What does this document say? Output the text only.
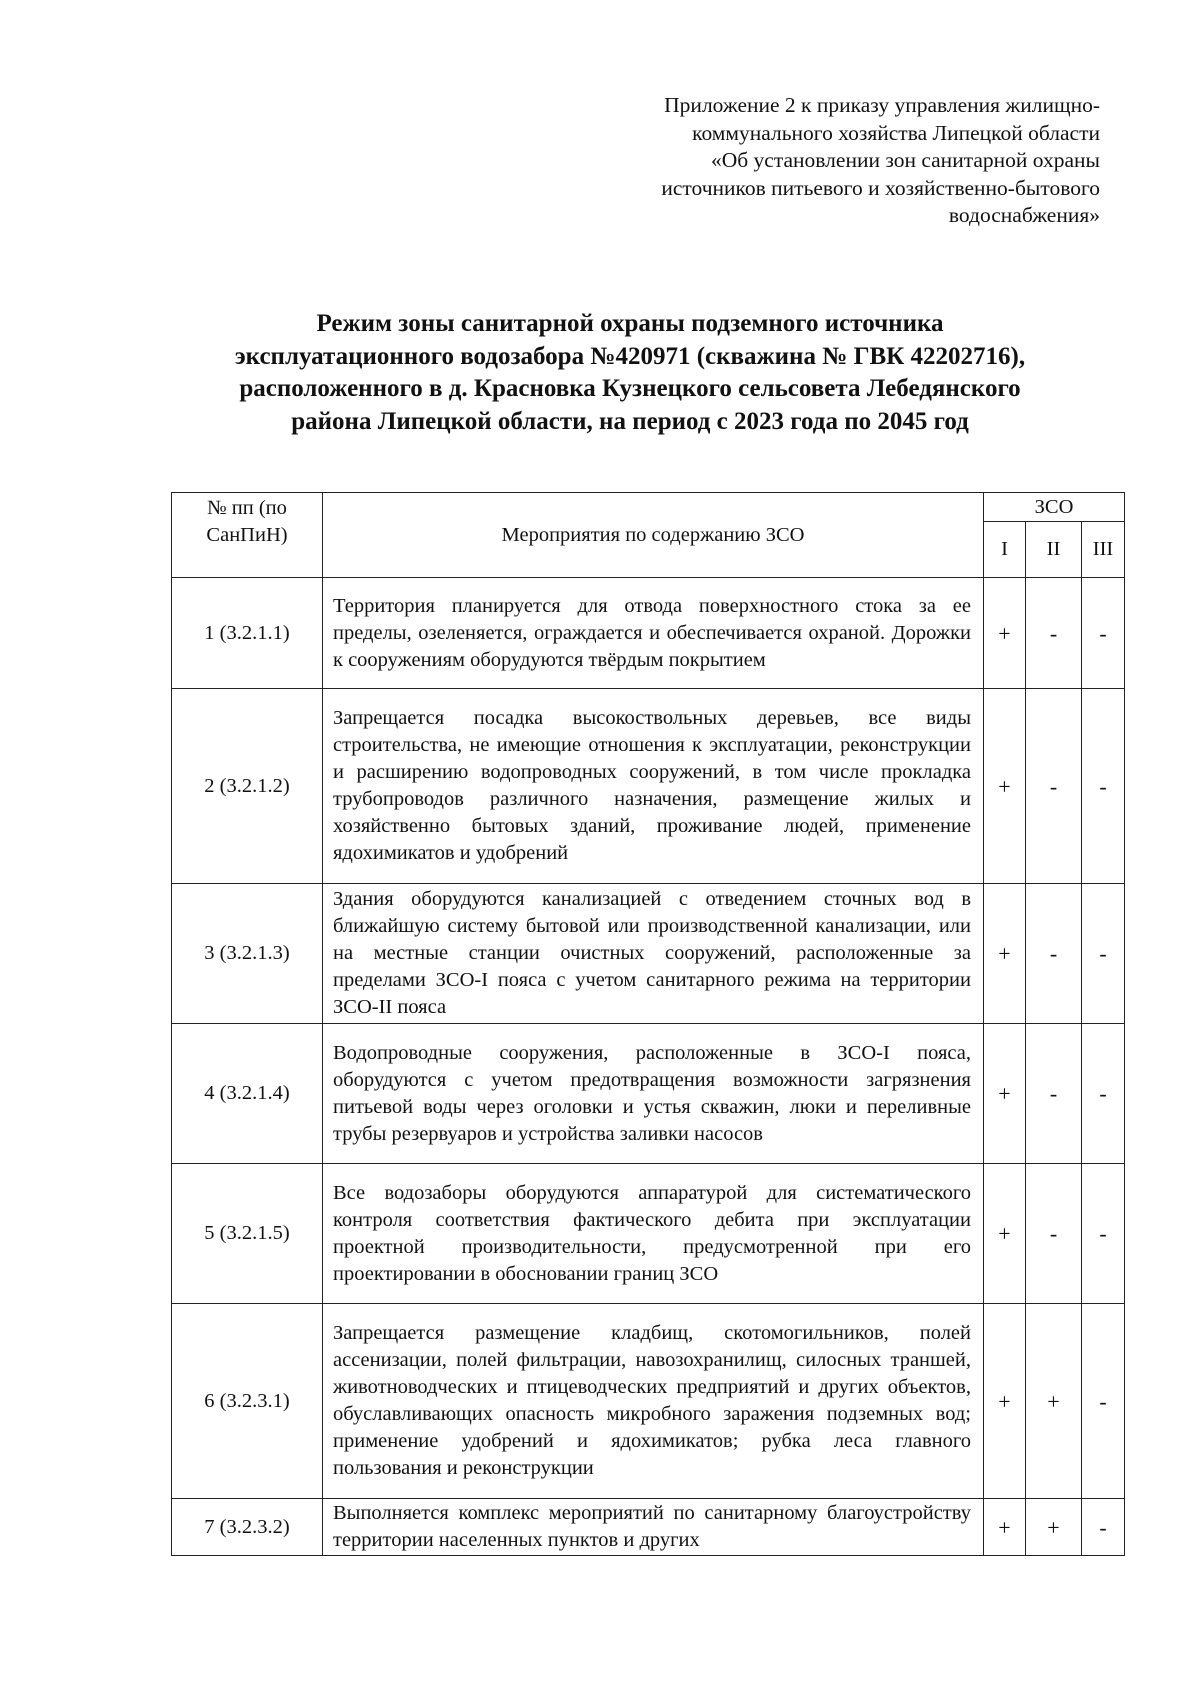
Приложение 2 к приказу управления жилищно-
коммунального хозяйства Липецкой области
«Об установлении зон санитарной охраны
источников питьевого и хозяйственно-бытового
водоснабжения»
Режим зоны санитарной охраны подземного источника
эксплуатационного водозабора №420971 (скважина № ГВК 42202716),
расположенного в д. Красновка Кузнецкого сельсовета Лебедянского
района Липецкой области, на период с 2023 года по 2045 год
№ пп (по
СанПиН)	Мероприятия по содержанию ЗСО	ЗСО		
		I	II	III
1 (3.2.1.1)	Территория планируется для отвода поверхностного стока за ее пределы, озеленяется, ограждается и обеспечивается охраной. Дорожки к сооружениям оборудуются твёрдым покрытием	+	-	-
2 (3.2.1.2)	Запрещается посадка высокоствольных деревьев, все виды строительства, не имеющие отношения к эксплуатации, реконструкции и расширению водопроводных сооружений, в том числе прокладка трубопроводов различного назначения, размещение жилых и хозяйственно бытовых зданий, проживание людей, применение ядохимикатов и удобрений	+	-	-
3 (3.2.1.3)	Здания оборудуются канализацией с отведением сточных вод в ближайшую систему бытовой или производственной канализации, или на местные станции очистных сооружений, расположенные за пределами ЗСО-I пояса с учетом санитарного режима на территории ЗСО-II пояса	+	-	-
4 (3.2.1.4)	Водопроводные сооружения, расположенные в ЗСО-I пояса, оборудуются с учетом предотвращения возможности загрязнения питьевой воды через оголовки и устья скважин, люки и переливные трубы резервуаров и устройства заливки насосов	+	-	-
5 (3.2.1.5)	Все водозаборы оборудуются аппаратурой для систематического контроля соответствия фактического дебита при эксплуатации проектной производительности, предусмотренной при его проектировании в обосновании границ ЗСО	+	-	-
6 (3.2.3.1)	Запрещается размещение кладбищ, скотомогильников, полей ассенизации, полей фильтрации, навозохранилищ, силосных траншей, животноводческих и птицеводческих предприятий и других объектов, обуславливающих опасность микробного заражения подземных вод; применение удобрений и ядохимикатов; рубка леса главного пользования и реконструкции	+	+	-
7 (3.2.3.2)	Выполняется комплекс мероприятий по санитарному благоустройству территории населенных пунктов и других	+	+	-
